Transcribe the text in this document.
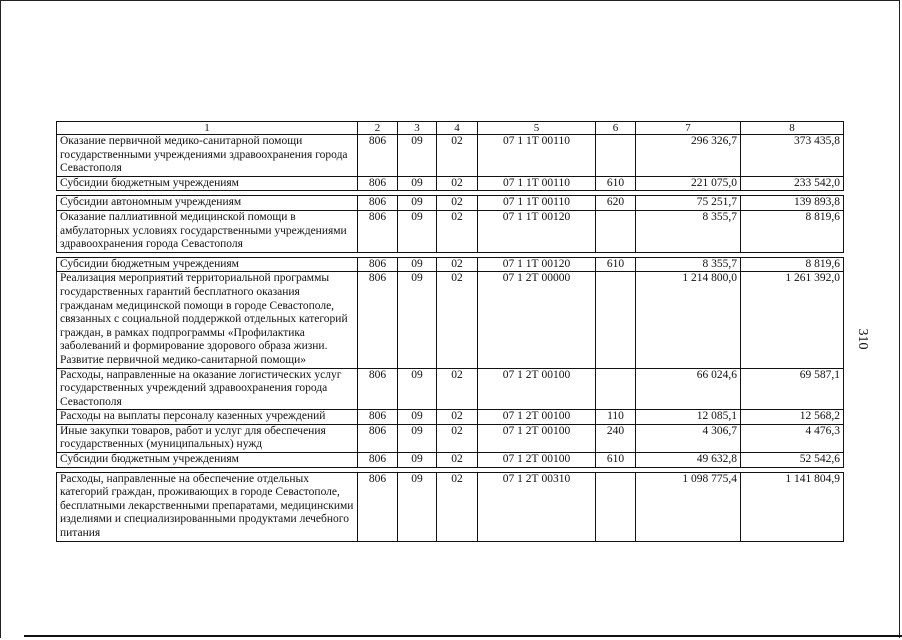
310
1	2	3	4	5	6	7	8
Оказание первичной медико-санитарной помощи государственными учреждениями здравоохранения города Севастополя	806	09	02	07 1 1Т 00110		296 326,7	373 435,8
Субсидии бюджетным учреждениям	806	09	02	07 1 1Т 00110	610	221 075,0	233 542,0

Субсидии автономным учреждениям	806	09	02	07 1 1Т 00110	620	75 251,7	139 893,8
Оказание паллиативной медицинской помощи в амбулаторных условиях государственными учреждениями здравоохранения города Севастополя	806	09	02	07 1 1Т 00120		8 355,7	8 819,6

Субсидии бюджетным учреждениям	806	09	02	07 1 1Т 00120	610	8 355,7	8 819,6
Реализация мероприятий территориальной программы государственных гарантий бесплатного оказания гражданам медицинской помощи в городе Севастополе, связанных с социальной поддержкой отдельных категорий граждан, в рамках подпрограммы «Профилактика заболеваний и формирование здорового образа жизни. Развитие первичной медико-санитарной помощи»	806	09	02	07 1 2Т 00000		1 214 800,0	1 261 392,0
Расходы, направленные на оказание логистических услуг государственных учреждений здравоохранения города Севастополя	806	09	02	07 1 2Т 00100		66 024,6	69 587,1
Расходы на выплаты персоналу казенных учреждений	806	09	02	07 1 2Т 00100	110	12 085,1	12 568,2
Иные закупки товаров, работ и услуг для обеспечения государственных (муниципальных) нужд	806	09	02	07 1 2Т 00100	240	4 306,7	4 476,3
Субсидии бюджетным учреждениям	806	09	02	07 1 2Т 00100	610	49 632,8	52 542,6

Расходы, направленные на обеспечение отдельных категорий граждан, проживающих в городе Севастополе, бесплатными лекарственными препаратами, медицинскими изделиями и специализированными продуктами лечебного питания	806	09	02	07 1 2Т 00310		1 098 775,4	1 141 804,9
